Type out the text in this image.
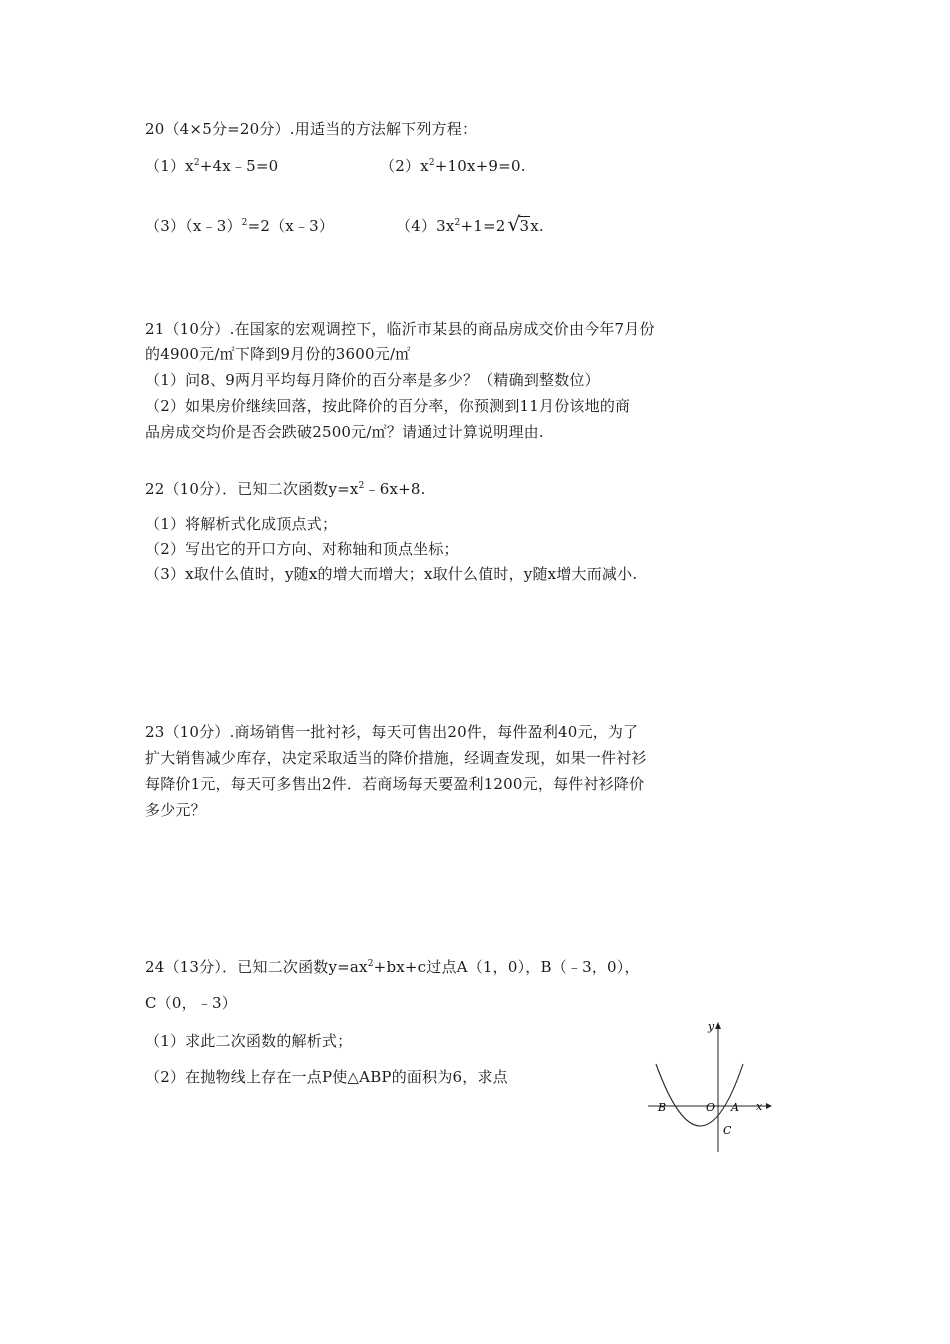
20（4×5分=20分）.用适当的方法解下列方程：
$(1)x^2+4x﹣5=0$	$(2)x^2+10x+9=0$.
（3）（x﹣3）$^2$=2（x﹣3）	$(4)3x^2+1=2$ √ 3x.
21（10分）.在国家的宏观调控下，临沂市某县的商品房成交价由今年7月份
的4900元/㎡下降到9月份的3600元/㎡
（1）问8、9两月平均每月降价的百分率是多少？（精确到整数位）
（2）如果房价继续回落，按此降价的百分率，你预测到11月份该地的商
品房成交均价是否会跌破2500元/㎡？请通过计算说明理由.
22（10分）．已知二次函数$y=x^2﹣6x+8$.
（1）将解析式化成顶点式；
（2）写出它的开口方向、对称轴和顶点坐标；
（3）x取什么值时，y随x的增大而增大；x取什么值时，y随x增大而减小.
23（10分）.商场销售一批衬衫，每天可售出20件，每件盈利40元，为了
扩大销售减少库存，决定采取适当的降价措施，经调查发现，如果一件衬衫
每降价1元，每天可多售出2件．若商场每天要盈利1200元，每件衬衫降价
多少元？
24（13分）．已知二次函数$y=ax^2+bx+c$过点A（1，0），B（﹣3，0），
C（0，﹣3）
（1）求此二次函数的解析式；
（2）在抛物线上存在一点P使△ABP的面积为6，求点
y
x
O A
B
C
